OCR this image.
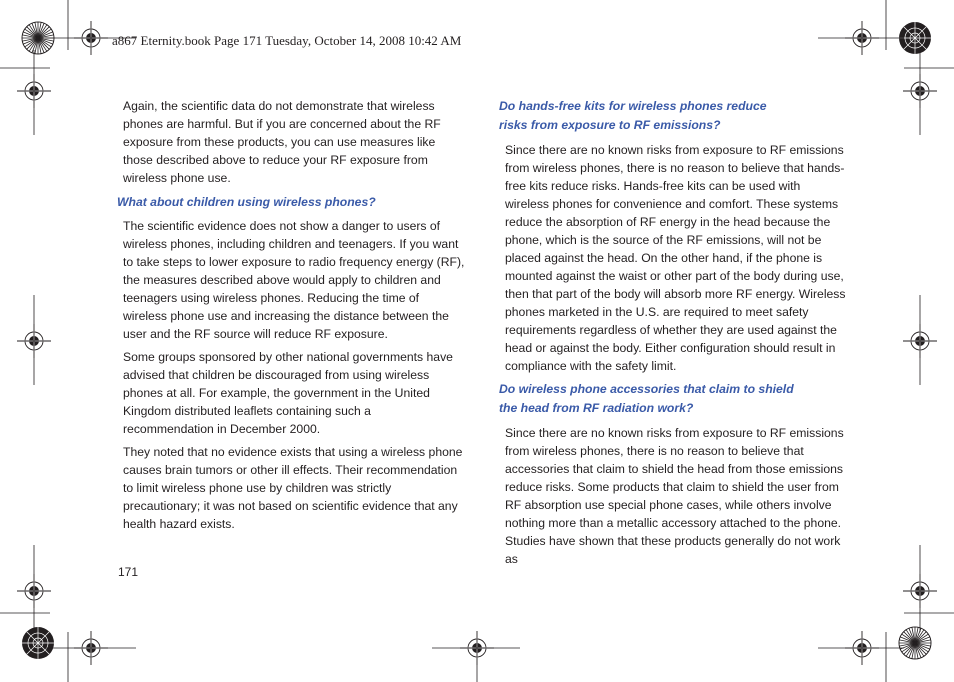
a867 Eternity.book Page 171 Tuesday, October 14, 2008 10:42 AM

Again, the scientific data do not demonstrate that wireless phones are harmful. But if you are concerned about the RF exposure from these products, you can use measures like those described above to reduce your RF exposure from wireless phone use.

What about children using wireless phones?

The scientific evidence does not show a danger to users of wireless phones, including children and teenagers. If you want to take steps to lower exposure to radio frequency energy (RF), the measures described above would apply to children and teenagers using wireless phones. Reducing the time of wireless phone use and increasing the distance between the user and the RF source will reduce RF exposure.

Some groups sponsored by other national governments have advised that children be discouraged from using wireless phones at all. For example, the government in the United Kingdom distributed leaflets containing such a recommendation in December 2000.

They noted that no evidence exists that using a wireless phone causes brain tumors or other ill effects. Their recommendation to limit wireless phone use by children was strictly precautionary; it was not based on scientific evidence that any health hazard exists.

Do hands-free kits for wireless phones reduce
risks from exposure to RF emissions?

Since there are no known risks from exposure to RF emissions from wireless phones, there is no reason to believe that hands-free kits reduce risks. Hands-free kits can be used with wireless phones for convenience and comfort. These systems reduce the absorption of RF energy in the head because the phone, which is the source of the RF emissions, will not be placed against the head. On the other hand, if the phone is mounted against the waist or other part of the body during use, then that part of the body will absorb more RF energy. Wireless phones marketed in the U.S. are required to meet safety requirements regardless of whether they are used against the head or against the body. Either configuration should result in compliance with the safety limit.

Do wireless phone accessories that claim to shield
the head from RF radiation work?

Since there are no known risks from exposure to RF emissions from wireless phones, there is no reason to believe that accessories that claim to shield the head from those emissions reduce risks. Some products that claim to shield the user from RF absorption use special phone cases, while others involve nothing more than a metallic accessory attached to the phone. Studies have shown that these products generally do not work as

171
